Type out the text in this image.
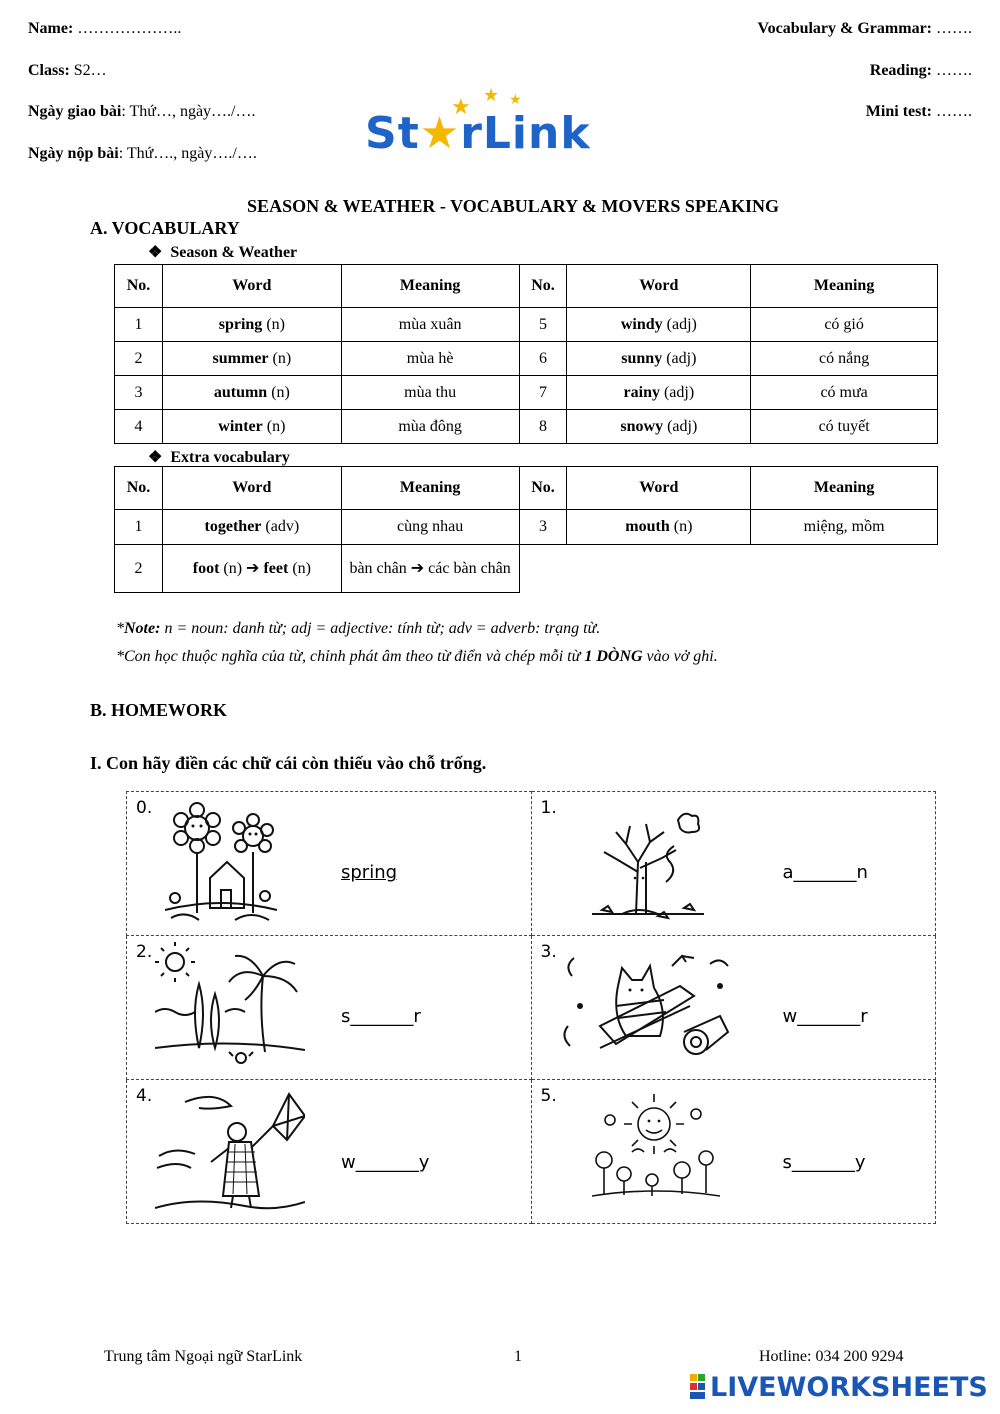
Name: ………………..
Class: S2…
Ngày giao bài: Thứ…, ngày…./….
Ngày nộp bài: Thứ…., ngày…./….
Vocabulary & Grammar: …….
Reading: …….
Mini test: …….
★ ★ ★
St★rLink
SEASON & WEATHER - VOCABULARY & MOVERS SPEAKING
A. VOCABULARY
❖ Season & Weather
No.	Word	Meaning	No.	Word	Meaning
1	spring (n)	mùa xuân	5	windy (adj)	có gió
2	summer (n)	mùa hè	6	sunny (adj)	có nắng
3	autumn (n)	mùa thu	7	rainy (adj)	có mưa
4	winter (n)	mùa đông	8	snowy (adj)	có tuyết
❖ Extra vocabulary
No.	Word	Meaning	No.	Word	Meaning
1	together (adv)	cùng nhau	3	mouth (n)	miệng, mồm
2	foot (n) ➔ feet (n)	bàn chân ➔ các bàn chân			
*Note: n = noun: danh từ; adj = adjective: tính từ; adv = adverb: trạng từ.
*Con học thuộc nghĩa của từ, chỉnh phát âm theo từ điển và chép mỗi từ 1 DÒNG vào vở ghi.
B. HOMEWORK
I. Con hãy điền các chữ cái còn thiếu vào chỗ trống.
0.
spring	1.
a_______n

2.
s_______r	3.
w_______r

4.
w_______y	5.
s_______y
Trung tâm Ngoại ngữ StarLink	1	Hotline: 034 200 9294
LIVEWORKSHEETS
